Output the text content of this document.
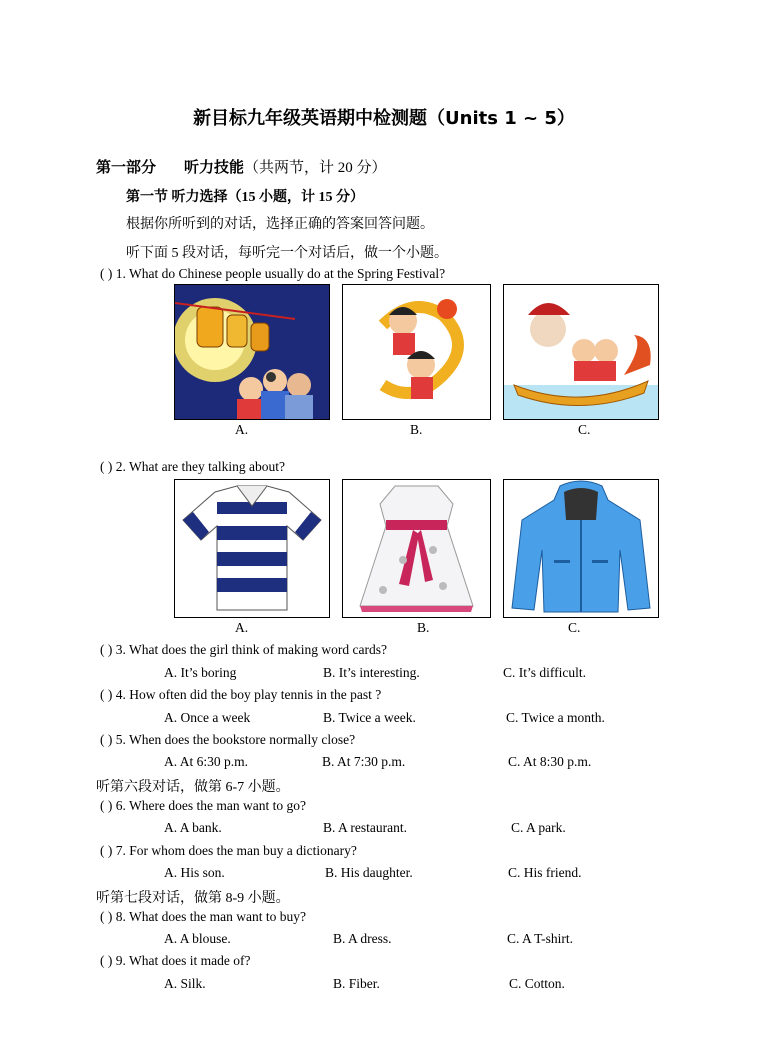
新目标九年级英语期中检测题（Units 1 ~ 5）
第一部分 听力技能（共两节，计 20 分）
第一节 听力选择（15 小题，计 15 分）
根据你所听到的对话，选择正确的答案回答问题。
听下面 5 段对话，每听完一个对话后，做一个小题。
( ) 1. What do Chinese people usually do at the Spring Festival?
A.	B.	C.
( ) 2. What are they talking about?
A.	B.	C.
( ) 3. What does the girl think of making word cards?
A. It’s boring	B. It’s interesting.	C. It’s difficult.
( ) 4. How often did the boy play tennis in the past ?
A. Once a week	B. Twice a week.	C. Twice a month.
( ) 5. When does the bookstore normally close?
A. At 6:30 p.m.	B. At 7:30 p.m.	C. At 8:30 p.m.
听第六段对话，做第 6-7 小题。
( ) 6. Where does the man want to go?
A. A bank.	B. A restaurant.	C. A park.
( ) 7. For whom does the man buy a dictionary?
A. His son.	B. His daughter.	C. His friend.
听第七段对话，做第 8-9 小题。
( ) 8. What does the man want to buy?
A. A blouse.	B. A dress.	C. A T-shirt.
( ) 9. What does it made of?
A. Silk.	B. Fiber.	C. Cotton.
